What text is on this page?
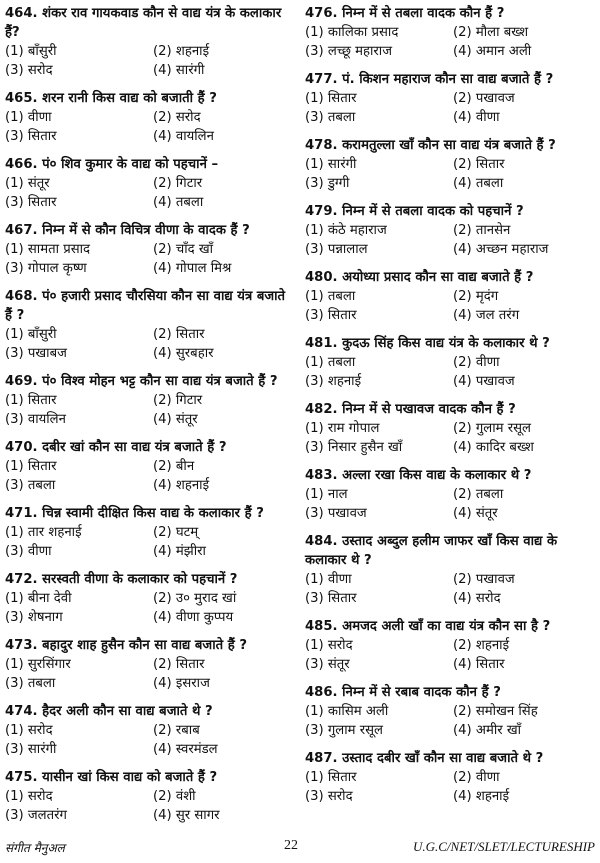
464. शंकर राव गायकवाड कौन से वाद्य यंत्र के कलाकार हैं?
(1) बाँसुरी	(2) शहनाई
(3) सरोद	(4) सारंगी
465. शरन रानी किस वाद्य को बजाती हैं ?
(1) वीणा	(2) सरोद
(3) सितार	(4) वायलिन
466. पं० शिव कुमार के वाद्य को पहचानें –
(1) संतूर	(2) गिटार
(3) सितार	(4) तबला
467. निम्न में से कौन विचित्र वीणा के वादक हैं ?
(1) सामता प्रसाद	(2) चाँद खाँ
(3) गोपाल कृष्ण	(4) गोपाल मिश्र
468. पं० हजारी प्रसाद चौरसिया कौन सा वाद्य यंत्र बजाते हैं ?
(1) बाँसुरी	(2) सितार
(3) पखाबज	(4) सुरबहार
469. पं० विश्व मोहन भट्ट कौन सा वाद्य यंत्र बजाते हैं ?
(1) सितार	(2) गिटार
(3) वायलिन	(4) संतूर
470. दबीर खां कौन सा वाद्य यंत्र बजाते हैं ?
(1) सितार	(2) बीन
(3) तबला	(4) शहनाई
471. चिन्न स्वामी दीक्षित किस वाद्य के कलाकार हैं ?
(1) तार शहनाई	(2) घटम्
(3) वीणा	(4) मंझीरा
472. सरस्वती वीणा के कलाकार को पहचानें ?
(1) बीना देवी	(2) उ० मुराद खां
(3) शेषनाग	(4) वीणा कुप्पय
473. बहादुर शाह हुसैन कौन सा वाद्य बजाते हैं ?
(1) सुरसिंगार	(2) सितार
(3) तबला	(4) इसराज
474. हैदर अली कौन सा वाद्य बजाते थे ?
(1) सरोद	(2) रबाब
(3) सारंगी	(4) स्वरमंडल
475. यासीन खां किस वाद्य को बजाते हैं ?
(1) सरोद	(2) वंशी
(3) जलतरंग	(4) सुर सागर
476. निम्न में से तबला वादक कौन हैं ?
(1) कालिका प्रसाद	(2) मौला बख्श
(3) लच्छू महाराज	(4) अमान अली
477. पं. किशन महाराज कौन सा वाद्य बजाते हैं ?
(1) सितार	(2) पखावज
(3) तबला	(4) वीणा
478. करामतुल्ला खाँ कौन सा वाद्य यंत्र बजाते हैं ?
(1) सारंगी	(2) सितार
(3) डुग्गी	(4) तबला
479. निम्न में से तबला वादक को पहचानें ?
(1) कंठे महाराज	(2) तानसेन
(3) पन्नालाल	(4) अच्छन महाराज
480. अयोध्या प्रसाद कौन सा वाद्य बजाते हैं ?
(1) तबला	(2) मृदंग
(3) सितार	(4) जल तरंग
481. कुदऊ सिंह किस वाद्य यंत्र के कलाकार थे ?
(1) तबला	(2) वीणा
(3) शहनाई	(4) पखावज
482. निम्न में से पखावज वादक कौन हैं ?
(1) राम गोपाल	(2) गुलाम रसूल
(3) निसार हुसैन खाँ	(4) कादिर बख्श
483. अल्ला रखा किस वाद्य के कलाकार थे ?
(1) नाल	(2) तबला
(3) पखावज	(4) संतूर
484. उस्ताद अब्दुल हलीम जाफर खाँ किस वाद्य के कलाकार थे ?
(1) वीणा	(2) पखावज
(3) सितार	(4) सरोद
485. अमजद अली खाँ का वाद्य यंत्र कौन सा है ?
(1) सरोद	(2) शहनाई
(3) संतूर	(4) सितार
486. निम्न में से रबाब वादक कौन हैं ?
(1) कासिम अली	(2) समोखन सिंह
(3) गुलाम रसूल	(4) अमीर खाँ
487. उस्ताद दबीर खाँ कौन सा वाद्य बजाते थे ?
(1) सितार	(2) वीणा
(3) सरोद	(4) शहनाई
संगीत मैनुअल	22	U.G.C/NET/SLET/LECTURESHIP
